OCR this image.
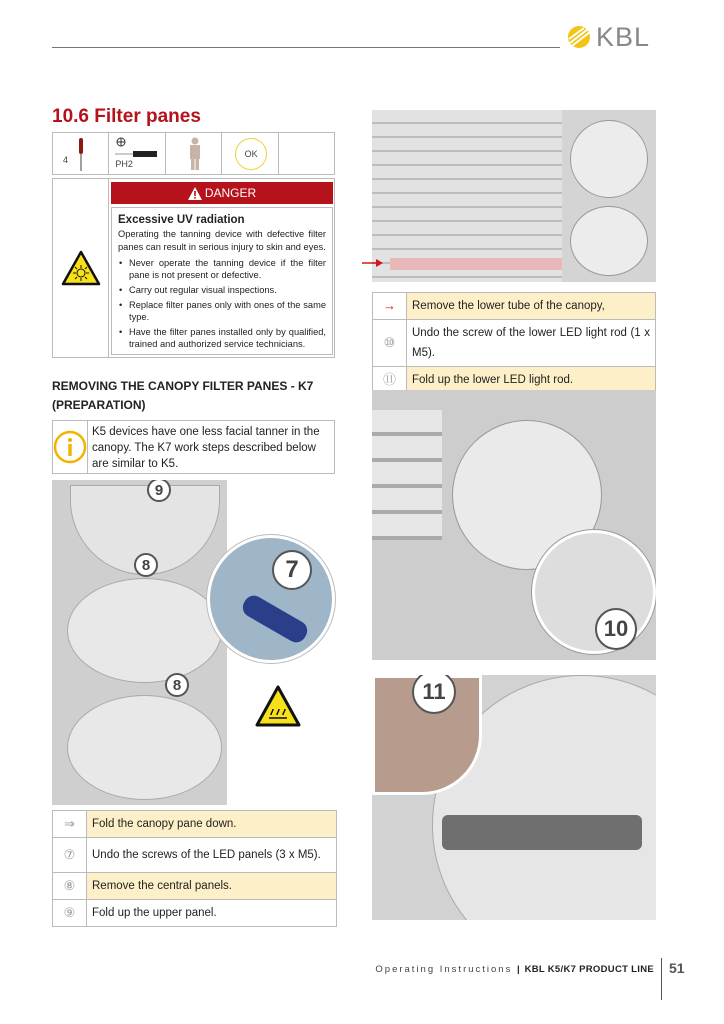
KBL
10.6 Filter panes
4	PH2

OK

DANGER
Excessive UV radiation

Operating the tanning device with defective filter panes can result in serious injury to skin and eyes.

• Never operate the tanning device if the filter pane is not present or defective.
• Carry out regular visual inspections.
• Replace filter panes only with ones of the same type.
• Have the filter panes installed only by qualified, trained and authorized service technicians.
REMOVING THE CANOPY FILTER PANES - K7 (PREPARATION)
K5 devices have one less facial tanner in the canopy. The K7 work steps described below are similar to K5.
9
8
8
7
⇒	Fold the canopy pane down.
⑦	Undo the screws of the LED panels (3 x M5).
⑧	Remove the central panels.
⑨	Fold up the upper panel.
→	Remove the lower tube of the canopy,
⑩	Undo the screw of the lower LED light rod (1 x M5).
⑪	Fold up the lower LED light rod.
10
11
Operating Instructions | KBL K5/K7 PRODUCT LINE 51
